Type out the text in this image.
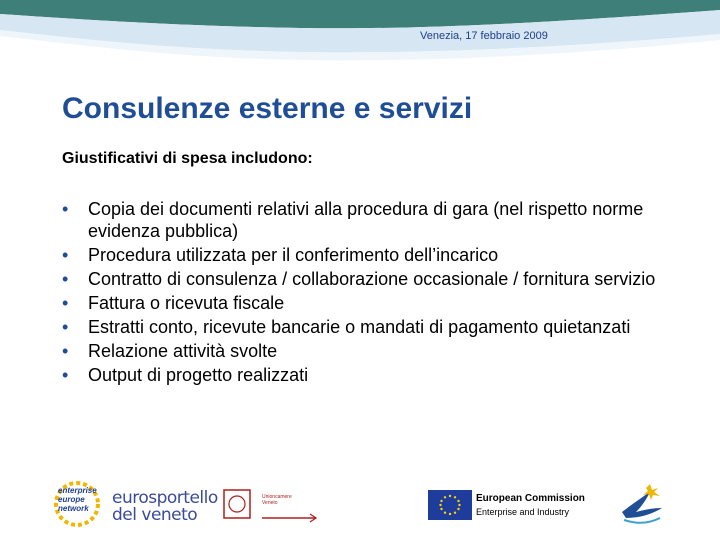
Venezia, 17 febbraio 2009
Consulenze esterne e servizi

Giustificativi di spesa includono:

• Copia dei documenti relativi alla procedura di gara (nel rispetto norme evidenza pubblica)
• Procedura utilizzata per il conferimento dell’incarico
• Contratto di consulenza / collaborazione occasionale / fornitura servizio
• Fattura o ricevuta fiscale
• Estratti conto, ricevute bancarie o mandati di pagamento quietanzati
• Relazione attività svolte
• Output di progetto realizzati
enterprise
europe
network
eurosportello
del veneto
Unioncamere
Veneto	European Commission
Enterprise and Industry
